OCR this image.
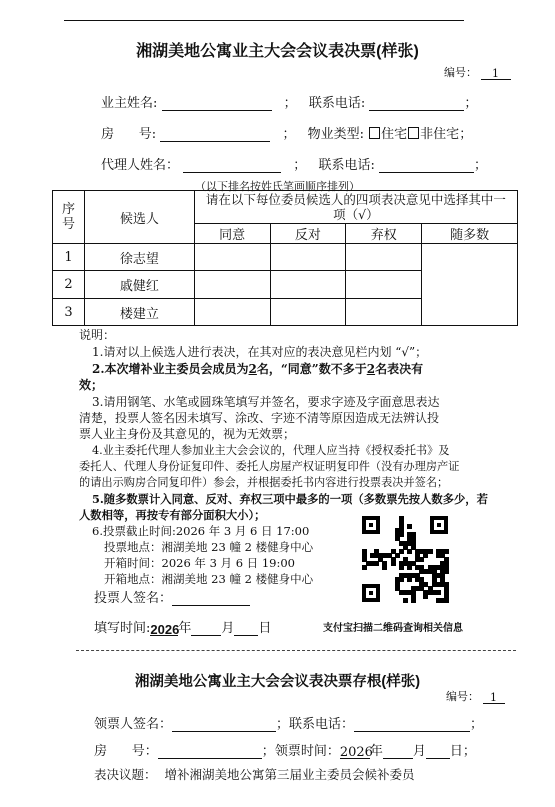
湘湖美地公寓业主大会会议表决票(样张)
编号： 1
业主姓名:	； 联系电话:	；
房      号:	； 物业类型: 住宅 非住宅；
代理人姓名：	； 联系电话:	；
（以下排名按姓氏笔画顺序排列）
序号	候选人	请在以下每位委员候选人的四项表决意见中选择其中一项（√）			
		同意	反对	弃权	随多数
1	徐志望				
2	戚健红				
3	楼建立				
说明：
1.请对以上候选人进行表决，在其对应的表决意见栏内划 “√”；
2.本次增补业主委员会成员为2名，“同意”数不多于2名表决有
效；
3.请用钢笔、水笔或圆珠笔填写并签名，要求字迹及字面意思表达
清楚，投票人签名因未填写、涂改、字迹不清等原因造成无法辨认投
票人业主身份及其意见的，视为无效票；
4.业主委托代理人参加业主大会会议的，代理人应当持《授权委托书》及
委托人、代理人身份证复印件、委托人房屋产权证明复印件（没有办理房产证
的请出示购房合同复印件）参会，并根据委托书内容进行投票表决并签名；
5.随多数票计入同意、反对、弃权三项中最多的一项（多数票先按人数多少，若
人数相等，再按专有部分面积大小）；
6.投票截止时间:2026 年 3 月 6 日 17:00
投票地点：湘湖美地 23 幢 2 楼健身中心
开箱时间：2026 年 3 月 6 日 19:00
开箱地点：湘湖美地 23 幢 2 楼健身中心
投票人签名：
填写时间:2026年 月 日	支付宝扫描二维码查询相关信息
湘湖美地公寓业主大会会议表决票存根(样张)
编号： 1
领票人签名：	；联系电话：	；
房      号：	；领票时间：2026年 月 日；
表决议题：  增补湘湖美地公寓第三届业主委员会候补委员
